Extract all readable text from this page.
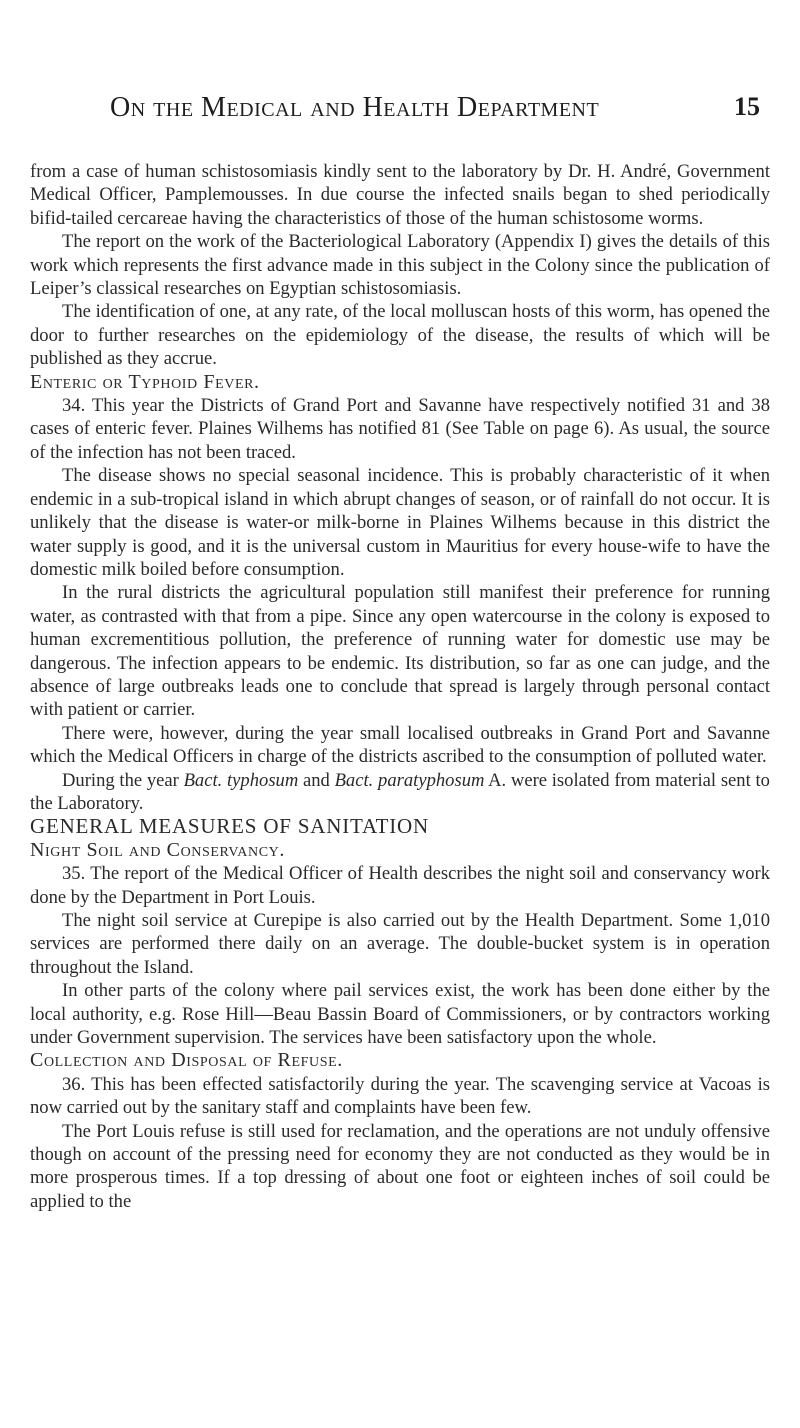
On the Medical and Health Department	15

from a case of human schistosomiasis kindly sent to the laboratory by Dr. H. André, Government Medical Officer, Pamplemousses. In due course the infected snails began to shed periodically bifid-tailed cercareae having the characteristics of those of the human schistosome worms.

The report on the work of the Bacteriological Laboratory (Appendix I) gives the details of this work which represents the first advance made in this subject in the Colony since the publication of Leiper’s classical researches on Egyptian schistosomiasis.

The identification of one, at any rate, of the local molluscan hosts of this worm, has opened the door to further researches on the epidemiology of the disease, the results of which will be published as they accrue.

Enteric or Typhoid Fever.

34. This year the Districts of Grand Port and Savanne have respectively notified 31 and 38 cases of enteric fever. Plaines Wilhems has notified 81 (See Table on page 6). As usual, the source of the infection has not been traced.

The disease shows no special seasonal incidence. This is probably characteristic of it when endemic in a sub-tropical island in which abrupt changes of season, or of rainfall do not occur. It is unlikely that the disease is water-or milk-borne in Plaines Wilhems because in this district the water supply is good, and it is the universal custom in Mauritius for every house-wife to have the domestic milk boiled before consumption.

In the rural districts the agricultural population still manifest their preference for running water, as contrasted with that from a pipe. Since any open watercourse in the colony is exposed to human excrementitious pollution, the preference of running water for domestic use may be dangerous. The infection appears to be endemic. Its distribution, so far as one can judge, and the absence of large outbreaks leads one to conclude that spread is largely through personal contact with patient or carrier.

There were, however, during the year small localised outbreaks in Grand Port and Savanne which the Medical Officers in charge of the districts ascribed to the consumption of polluted water.

During the year Bact. typhosum and Bact. paratyphosum A. were isolated from material sent to the Laboratory.

GENERAL MEASURES OF SANITATION

Night Soil and Conservancy.

35. The report of the Medical Officer of Health describes the night soil and conservancy work done by the Department in Port Louis.

The night soil service at Curepipe is also carried out by the Health Department. Some 1,010 services are performed there daily on an average. The double-bucket system is in operation throughout the Island.

In other parts of the colony where pail services exist, the work has been done either by the local authority, e.g. Rose Hill—Beau Bassin Board of Commissioners, or by contractors working under Government supervision. The services have been satisfactory upon the whole.

Collection and Disposal of Refuse.

36. This has been effected satisfactorily during the year. The scavenging service at Vacoas is now carried out by the sanitary staff and complaints have been few.

The Port Louis refuse is still used for reclamation, and the operations are not unduly offensive though on account of the pressing need for economy they are not conducted as they would be in more prosperous times. If a top dressing of about one foot or eighteen inches of soil could be applied to the
